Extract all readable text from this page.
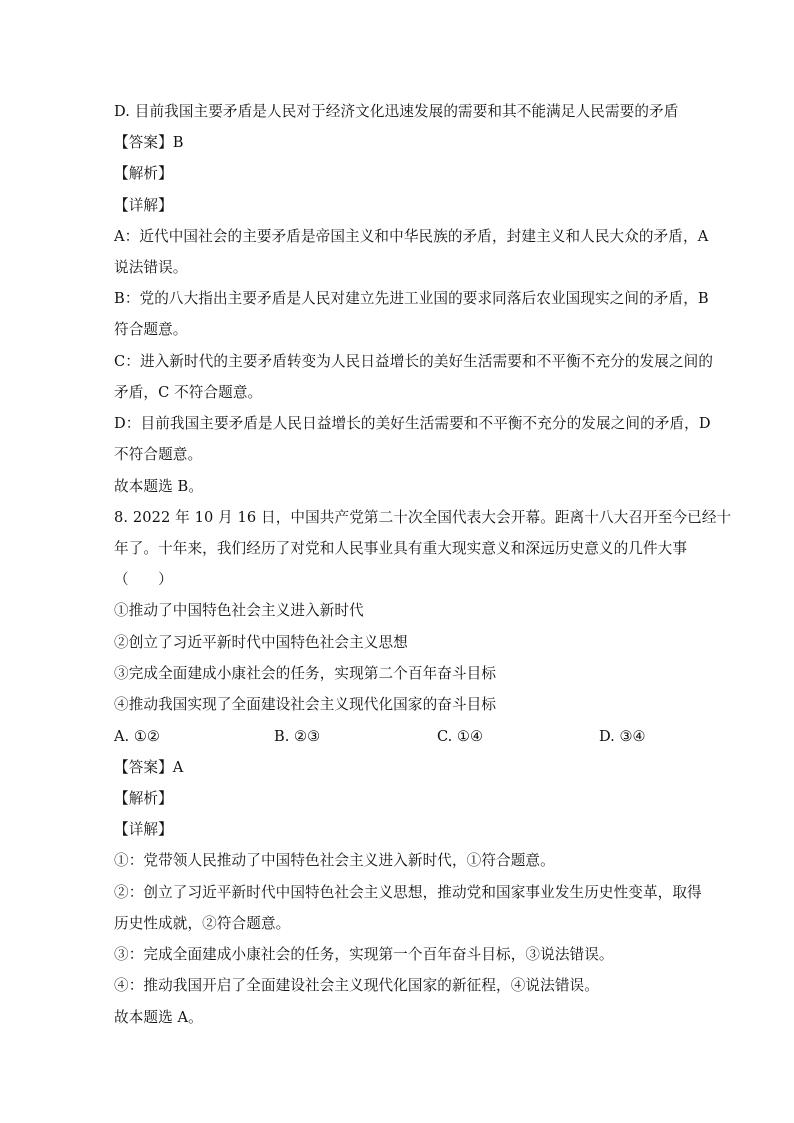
D. 目前我国主要矛盾是人民对于经济文化迅速发展的需要和其不能满足人民需要的矛盾
【答案】B
【解析】
【详解】
A：近代中国社会的主要矛盾是帝国主义和中华民族的矛盾，封建主义和人民大众的矛盾，A
说法错误。
B：党的八大指出主要矛盾是人民对建立先进工业国的要求同落后农业国现实之间的矛盾，B
符合题意。
C：进入新时代的主要矛盾转变为人民日益增长的美好生活需要和不平衡不充分的发展之间的
矛盾，C 不符合题意。
D：目前我国主要矛盾是人民日益增长的美好生活需要和不平衡不充分的发展之间的矛盾，D
不符合题意。
故本题选 B。
8. 2022 年 10 月 16 日，中国共产党第二十次全国代表大会开幕。距离十八大召开至今已经十
年了。十年来，我们经历了对党和人民事业具有重大现实意义和深远历史意义的几件大事
（　　）
①推动了中国特色社会主义进入新时代
②创立了习近平新时代中国特色社会主义思想
③完成全面建成小康社会的任务，实现第二个百年奋斗目标
④推动我国实现了全面建设社会主义现代化国家的奋斗目标
A. ①②	B. ②③	C. ①④	D. ③④
【答案】A
【解析】
【详解】
①：党带领人民推动了中国特色社会主义进入新时代，①符合题意。
②：创立了习近平新时代中国特色社会主义思想，推动党和国家事业发生历史性变革，取得
历史性成就，②符合题意。
③：完成全面建成小康社会的任务，实现第一个百年奋斗目标，③说法错误。
④：推动我国开启了全面建设社会主义现代化国家的新征程，④说法错误。
故本题选 A。
